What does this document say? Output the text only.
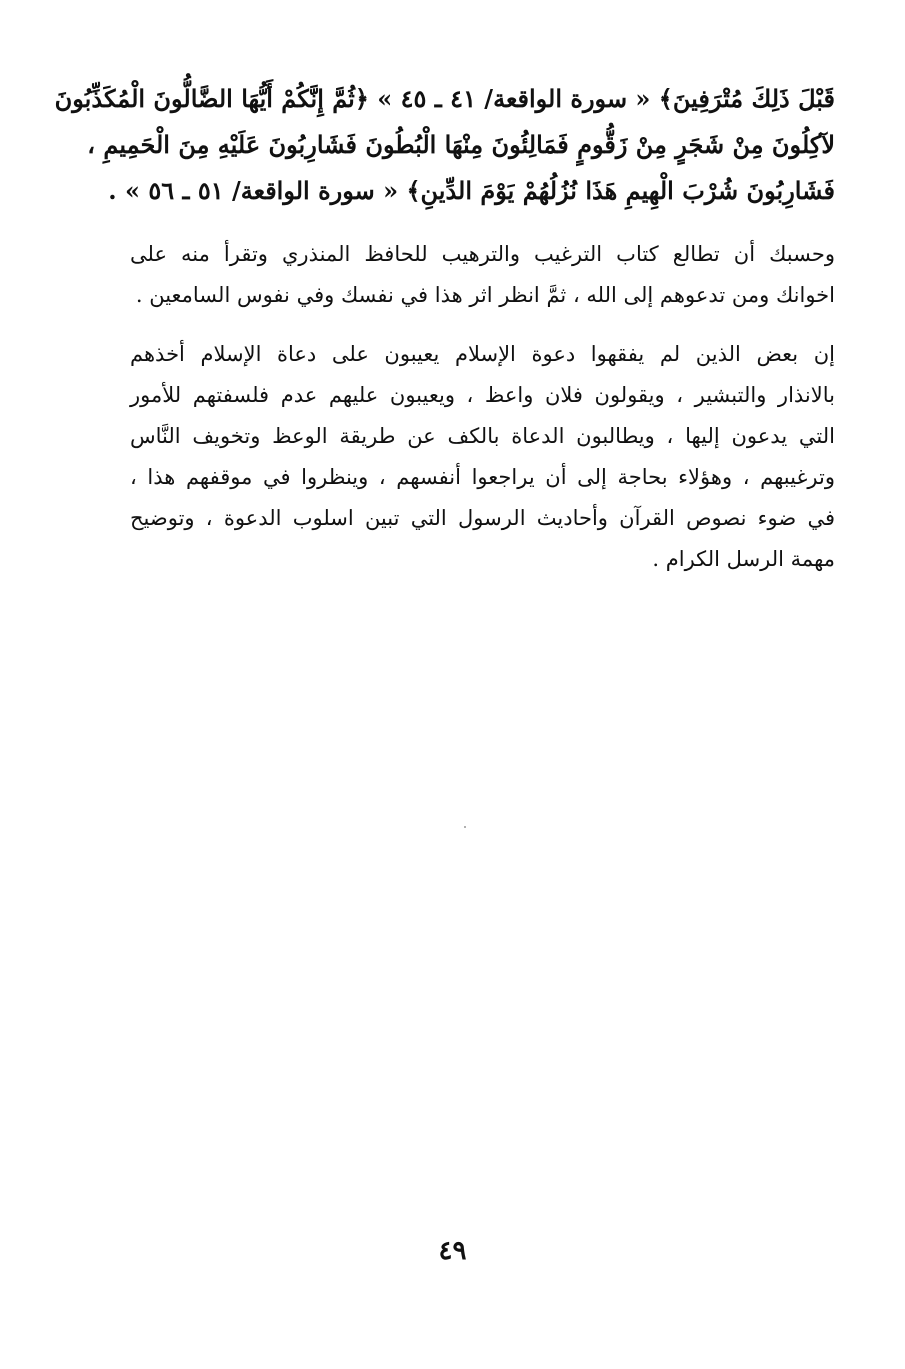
قَبْلَ ذَلِكَ مُتْرَفِينَ﴾ « سورة الواقعة/ ٤١ ـ ٤٥ » ﴿ثُمَّ إِنَّكُمْ أَيُّهَا الضَّالُّونَ الْمُكَذِّبُونَ
لآكِلُونَ مِنْ شَجَرٍ مِنْ زَقُّومٍ فَمَالِئُونَ مِنْهَا الْبُطُونَ فَشَارِبُونَ عَلَيْهِ مِنَ الْحَمِيمِ ،
فَشَارِبُونَ شُرْبَ الْهِيمِ هَذَا نُزُلُهُمْ يَوْمَ الدِّينِ﴾ « سورة الواقعة/ ٥١ ـ ٥٦ » .
وحسبك أن تطالع كتاب الترغيب والترهيب للحافظ المنذري وتقرأ منه على
اخوانك ومن تدعوهم إلى الله ، ثمَّ انظر اثر هذا في نفسك وفي نفوس السامعين .
إن بعض الذين لم يفقهوا دعوة الإسلام يعيبون على دعاة الإسلام أخذهم
بالانذار والتبشير ، ويقولون فلان واعظ ، ويعيبون عليهم عدم فلسفتهم للأمور
التي يدعون إليها ، ويطالبون الدعاة بالكف عن طريقة الوعظ وتخويف النَّاس
وترغيبهم ، وهؤلاء بحاجة إلى أن يراجعوا أنفسهم ، وينظروا في موقفهم هذا ،
في ضوء نصوص القرآن وأحاديث الرسول التي تبين اسلوب الدعوة ، وتوضيح
مهمة الرسل الكرام .
٤٩
